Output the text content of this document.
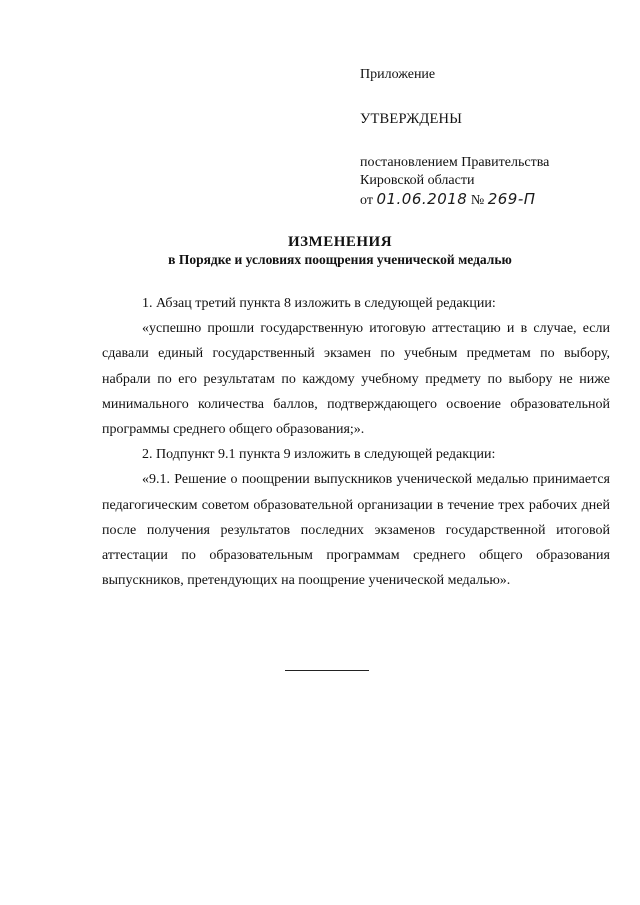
Приложение

УТВЕРЖДЕНЫ

постановлением Правительства

Кировской области

от 01.06.2018 № 269-П

ИЗМЕНЕНИЯ
в Порядке и условиях поощрения ученической медалью

1. Абзац третий пункта 8 изложить в следующей редакции:

«успешно прошли государственную итоговую аттестацию и в случае, если сдавали единый государственный экзамен по учебным предметам по выбору, набрали по его результатам по каждому учебному предмету по выбору не ниже минимального количества баллов, подтверждающего освоение образовательной программы среднего общего образования;».

2. Подпункт 9.1 пункта 9 изложить в следующей редакции:

«9.1. Решение о поощрении выпускников ученической медалью принимается педагогическим советом образовательной организации в течение трех рабочих дней после получения результатов последних экзаменов государственной итоговой аттестации по образовательным программам среднего общего образования выпускников, претендующих на поощрение ученической медалью».
